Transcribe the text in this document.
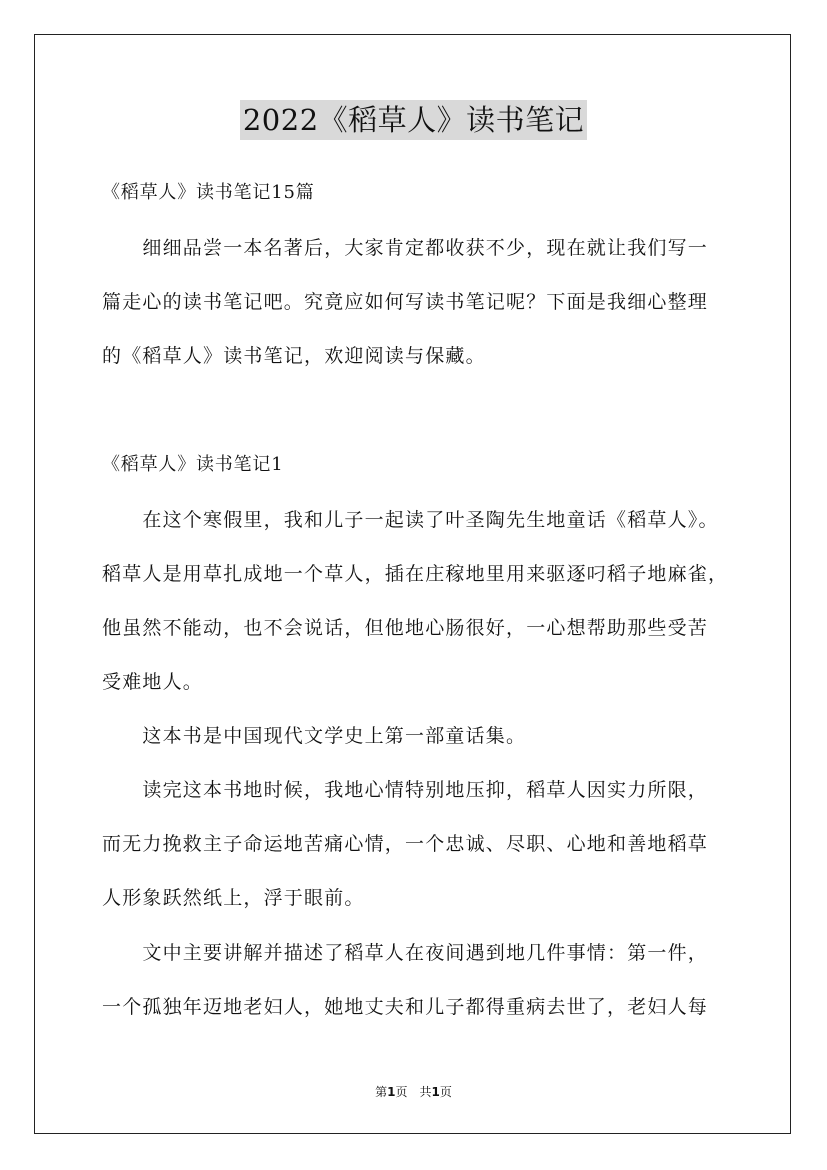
2022《稻草人》读书笔记
《稻草人》读书笔记15篇
　　细细品尝一本名著后，大家肯定都收获不少，现在就让我们写一
篇走心的读书笔记吧。究竟应如何写读书笔记呢？下面是我细心整理
的《稻草人》读书笔记，欢迎阅读与保藏。
《稻草人》读书笔记1
　　在这个寒假里，我和儿子一起读了叶圣陶先生地童话《稻草人》。
稻草人是用草扎成地一个草人，插在庄稼地里用来驱逐叼稻子地麻雀，
他虽然不能动，也不会说话，但他地心肠很好，一心想帮助那些受苦
受难地人。
　　这本书是中国现代文学史上第一部童话集。
　　读完这本书地时候，我地心情特别地压抑，稻草人因实力所限，
而无力挽救主子命运地苦痛心情，一个忠诚、尽职、心地和善地稻草
人形象跃然纸上，浮于眼前。
　　文中主要讲解并描述了稻草人在夜间遇到地几件事情：第一件，
一个孤独年迈地老妇人，她地丈夫和儿子都得重病去世了，老妇人每
第1页　共1页
